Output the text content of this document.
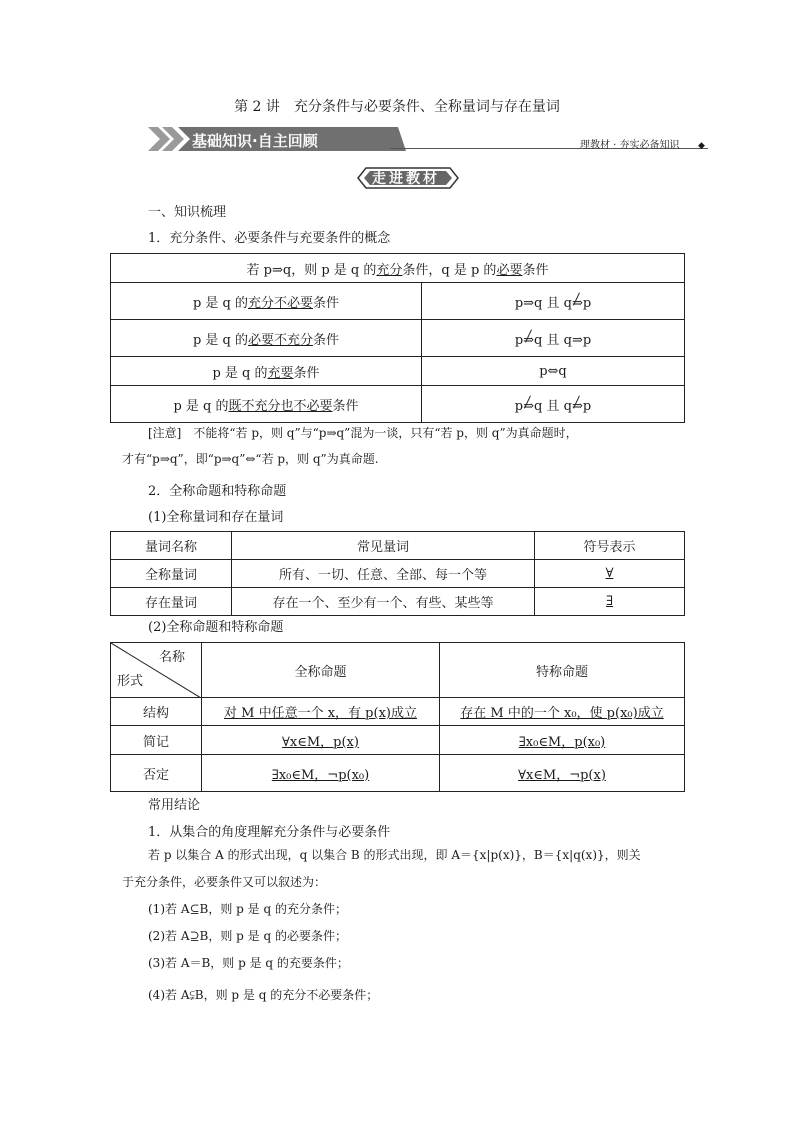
第 2 讲　充分条件与必要条件、全称量词与存在量词
基础知识·自主回顾	理教材 · 夯实必备知识 ◆
走进教材
一、知识梳理
1．充分条件、必要条件与充要条件的概念
若 p⇒q，则 p 是 q 的充分条件，q 是 p 的必要条件	
p 是 q 的充分不必要条件	p⇒q 且 q⇒p
p 是 q 的必要不充分条件	p⇒q 且 q⇒p
p 是 q 的充要条件	p⇔q
p 是 q 的既不充分也不必要条件	p⇒q 且 q⇒p
[注意]　不能将“若 p，则 q”与“p⇒q”混为一谈，只有“若 p，则 q”为真命题时，
才有“p⇒q”，即“p⇒q”⇔“若 p，则 q”为真命题.
2．全称命题和特称命题
(1)全称量词和存在量词
量词名称	常见量词	符号表示
全称量词	所有、一切、任意、全部、每一个等	∀
存在量词	存在一个、至少有一个、有些、某些等	∃
(2)全称命题和特称命题
名称
形式	全称命题	特称命题
结构	对 M 中任意一个 x，有 p(x)成立	存在 M 中的一个 x₀，使 p(x₀)成立
简记	∀x∈M，p(x)	∃x₀∈M，p(x₀)
否定	∃x₀∈M，¬p(x₀)	∀x∈M，¬p(x)
常用结论
1．从集合的角度理解充分条件与必要条件
若 p 以集合 A 的形式出现，q 以集合 B 的形式出现，即 A＝{x|p(x)}，B＝{x|q(x)}，则关
于充分条件，必要条件又可以叙述为：
(1)若 A⊆B，则 p 是 q 的充分条件；
(2)若 A⊇B，则 p 是 q 的必要条件；
(3)若 A＝B，则 p 是 q 的充要条件；
(4)若 A⫋B，则 p 是 q 的充分不必要条件；
